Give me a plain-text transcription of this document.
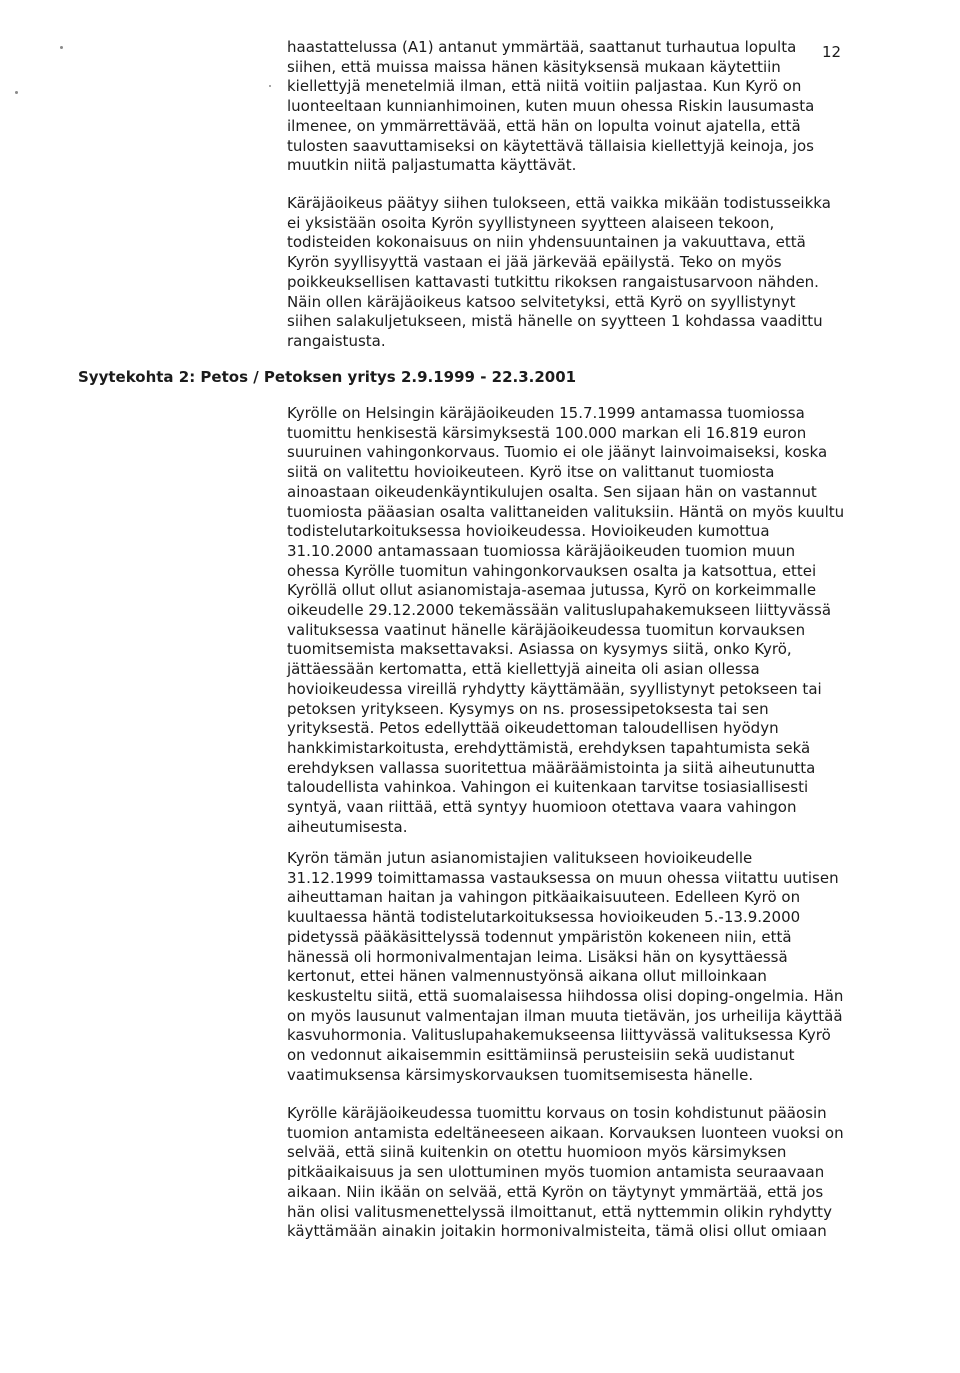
12
haastattelussa (A1) antanut ymmärtää, saattanut turhautua lopulta
siihen, että muissa maissa hänen käsityksensä mukaan käytettiin
kiellettyjä menetelmiä ilman, että niitä voitiin paljastaa. Kun Kyrö on
luonteeltaan kunnianhimoinen, kuten muun ohessa Riskin lausumasta
ilmenee, on ymmärrettävää, että hän on lopulta voinut ajatella, että
tulosten saavuttamiseksi on käytettävä tällaisia kiellettyjä keinoja, jos
muutkin niitä paljastumatta käyttävät.
Käräjäoikeus päätyy siihen tulokseen, että vaikka mikään todistusseikka
ei yksistään osoita Kyrön syyllistyneen syytteen alaiseen tekoon,
todisteiden kokonaisuus on niin yhdensuuntainen ja vakuuttava, että
Kyrön syyllisyyttä vastaan ei jää järkevää epäilystä. Teko on myös
poikkeuksellisen kattavasti tutkittu rikoksen rangaistusarvoon nähden.
Näin ollen käräjäoikeus katsoo selvitetyksi, että Kyrö on syyllistynyt
siihen salakuljetukseen, mistä hänelle on syytteen 1 kohdassa vaadittu
rangaistusta.
Syytekohta 2: Petos / Petoksen yritys 2.9.1999 - 22.3.2001
Kyrölle on Helsingin käräjäoikeuden 15.7.1999 antamassa tuomiossa
tuomittu henkisestä kärsimyksestä 100.000 markan eli 16.819 euron
suuruinen vahingonkorvaus. Tuomio ei ole jäänyt lainvoimaiseksi, koska
siitä on valitettu hovioikeuteen. Kyrö itse on valittanut tuomiosta
ainoastaan oikeudenkäyntikulujen osalta. Sen sijaan hän on vastannut
tuomiosta pääasian osalta valittaneiden valituksiin. Häntä on myös kuultu
todistelutarkoituksessa hovioikeudessa. Hovioikeuden kumottua
31.10.2000 antamassaan tuomiossa käräjäoikeuden tuomion muun
ohessa Kyrölle tuomitun vahingonkorvauksen osalta ja katsottua, ettei
Kyröllä ollut ollut asianomistaja-asemaa jutussa, Kyrö on korkeimmalle
oikeudelle 29.12.2000 tekemässään valituslupahakemukseen liittyvässä
valituksessa vaatinut hänelle käräjäoikeudessa tuomitun korvauksen
tuomitsemista maksettavaksi. Asiassa on kysymys siitä, onko Kyrö,
jättäessään kertomatta, että kiellettyjä aineita oli asian ollessa
hovioikeudessa vireillä ryhdytty käyttämään, syyllistynyt petokseen tai
petoksen yritykseen. Kysymys on ns. prosessipetoksesta tai sen
yrityksestä. Petos edellyttää oikeudettoman taloudellisen hyödyn
hankkimistarkoitusta, erehdyttämistä, erehdyksen tapahtumista sekä
erehdyksen vallassa suoritettua määräämistointa ja siitä aiheutunutta
taloudellista vahinkoa. Vahingon ei kuitenkaan tarvitse tosiasiallisesti
syntyä, vaan riittää, että syntyy huomioon otettava vaara vahingon
aiheutumisesta.
Kyrön tämän jutun asianomistajien valitukseen hovioikeudelle
31.12.1999 toimittamassa vastauksessa on muun ohessa viitattu uutisen
aiheuttaman haitan ja vahingon pitkäaikaisuuteen. Edelleen Kyrö on
kuultaessa häntä todistelutarkoituksessa hovioikeuden 5.-13.9.2000
pidetyssä pääkäsittelyssä todennut ympäristön kokeneen niin, että
hänessä oli hormonivalmentajan leima. Lisäksi hän on kysyttäessä
kertonut, ettei hänen valmennustyönsä aikana ollut milloinkaan
keskusteltu siitä, että suomalaisessa hiihdossa olisi doping-ongelmia. Hän
on myös lausunut valmentajan ilman muuta tietävän, jos urheilija käyttää
kasvuhormonia. Valituslupahakemukseensa liittyvässä valituksessa Kyrö
on vedonnut aikaisemmin esittämiinsä perusteisiin sekä uudistanut
vaatimuksensa kärsimyskorvauksen tuomitsemisesta hänelle.
Kyrölle käräjäoikeudessa tuomittu korvaus on tosin kohdistunut pääosin
tuomion antamista edeltäneeseen aikaan. Korvauksen luonteen vuoksi on
selvää, että siinä kuitenkin on otettu huomioon myös kärsimyksen
pitkäaikaisuus ja sen ulottuminen myös tuomion antamista seuraavaan
aikaan. Niin ikään on selvää, että Kyrön on täytynyt ymmärtää, että jos
hän olisi valitusmenettelyssä ilmoittanut, että nyttemmin olikin ryhdytty
käyttämään ainakin joitakin hormonivalmisteita, tämä olisi ollut omiaan
